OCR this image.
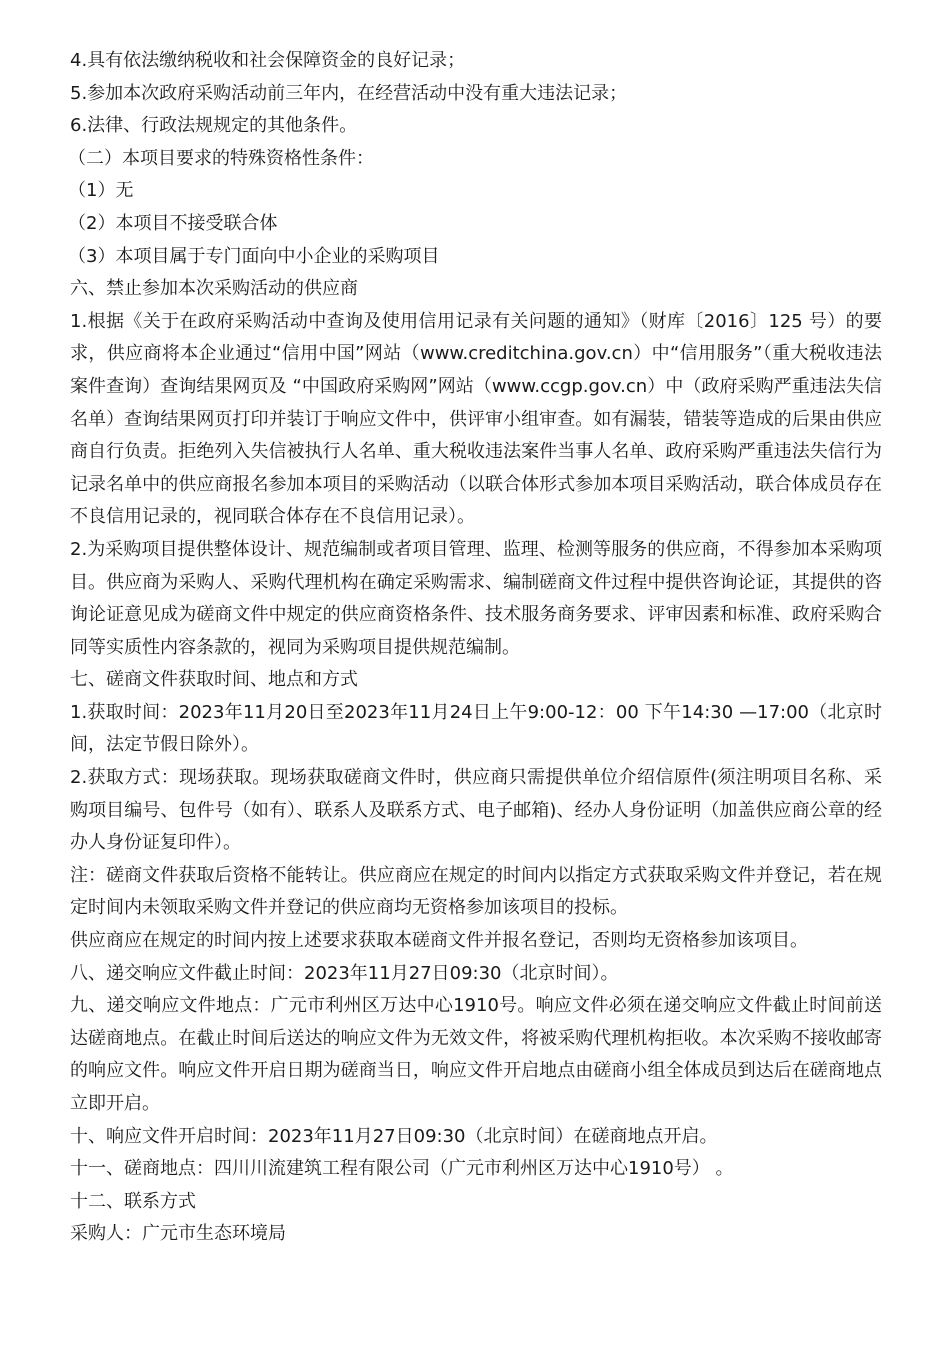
4.具有依法缴纳税收和社会保障资金的良好记录；

5.参加本次政府采购活动前三年内，在经营活动中没有重大违法记录；

6.法律、行政法规规定的其他条件。

（二）本项目要求的特殊资格性条件：

（1）无

（2）本项目不接受联合体

（3）本项目属于专门面向中小企业的采购项目

六、禁止参加本次采购活动的供应商

1.根据《关于在政府采购活动中查询及使用信用记录有关问题的通知》（财库〔2016〕125 号）的要求，供应商将本企业通过“信用中国”网站（www.creditchina.gov.cn）中“信用服务”（重大税收违法案件查询）查询结果网页及 “中国政府采购网”网站（www.ccgp.gov.cn）中（政府采购严重违法失信名单）查询结果网页打印并装订于响应文件中，供评审小组审查。如有漏装，错装等造成的后果由供应商自行负责。拒绝列入失信被执行人名单、重大税收违法案件当事人名单、政府采购严重违法失信行为记录名单中的供应商报名参加本项目的采购活动（以联合体形式参加本项目采购活动，联合体成员存在不良信用记录的，视同联合体存在不良信用记录）。

2.为采购项目提供整体设计、规范编制或者项目管理、监理、检测等服务的供应商，不得参加本采购项目。供应商为采购人、采购代理机构在确定采购需求、编制磋商文件过程中提供咨询论证，其提供的咨询论证意见成为磋商文件中规定的供应商资格条件、技术服务商务要求、评审因素和标准、政府采购合同等实质性内容条款的，视同为采购项目提供规范编制。

七、磋商文件获取时间、地点和方式

1.获取时间：2023年11月20日至2023年11月24日上午9:00-12：00 下午14:30 —17:00（北京时间，法定节假日除外）。

2.获取方式：现场获取。现场获取磋商文件时，供应商只需提供单位介绍信原件(须注明项目名称、采购项目编号、包件号（如有）、联系人及联系方式、电子邮箱)、经办人身份证明（加盖供应商公章的经办人身份证复印件）。

注：磋商文件获取后资格不能转让。供应商应在规定的时间内以指定方式获取采购文件并登记，若在规定时间内未领取采购文件并登记的供应商均无资格参加该项目的投标。

供应商应在规定的时间内按上述要求获取本磋商文件并报名登记，否则均无资格参加该项目。

八、递交响应文件截止时间：2023年11月27日09:30（北京时间）。

九、递交响应文件地点：广元市利州区万达中心1910号。响应文件必须在递交响应文件截止时间前送达磋商地点。在截止时间后送达的响应文件为无效文件，将被采购代理机构拒收。本次采购不接收邮寄的响应文件。响应文件开启日期为磋商当日，响应文件开启地点由磋商小组全体成员到达后在磋商地点立即开启。

十、响应文件开启时间：2023年11月27日09:30（北京时间）在磋商地点开启。

十一、磋商地点：四川川流建筑工程有限公司（广元市利州区万达中心1910号） 。

十二、联系方式

采购人：广元市生态环境局
